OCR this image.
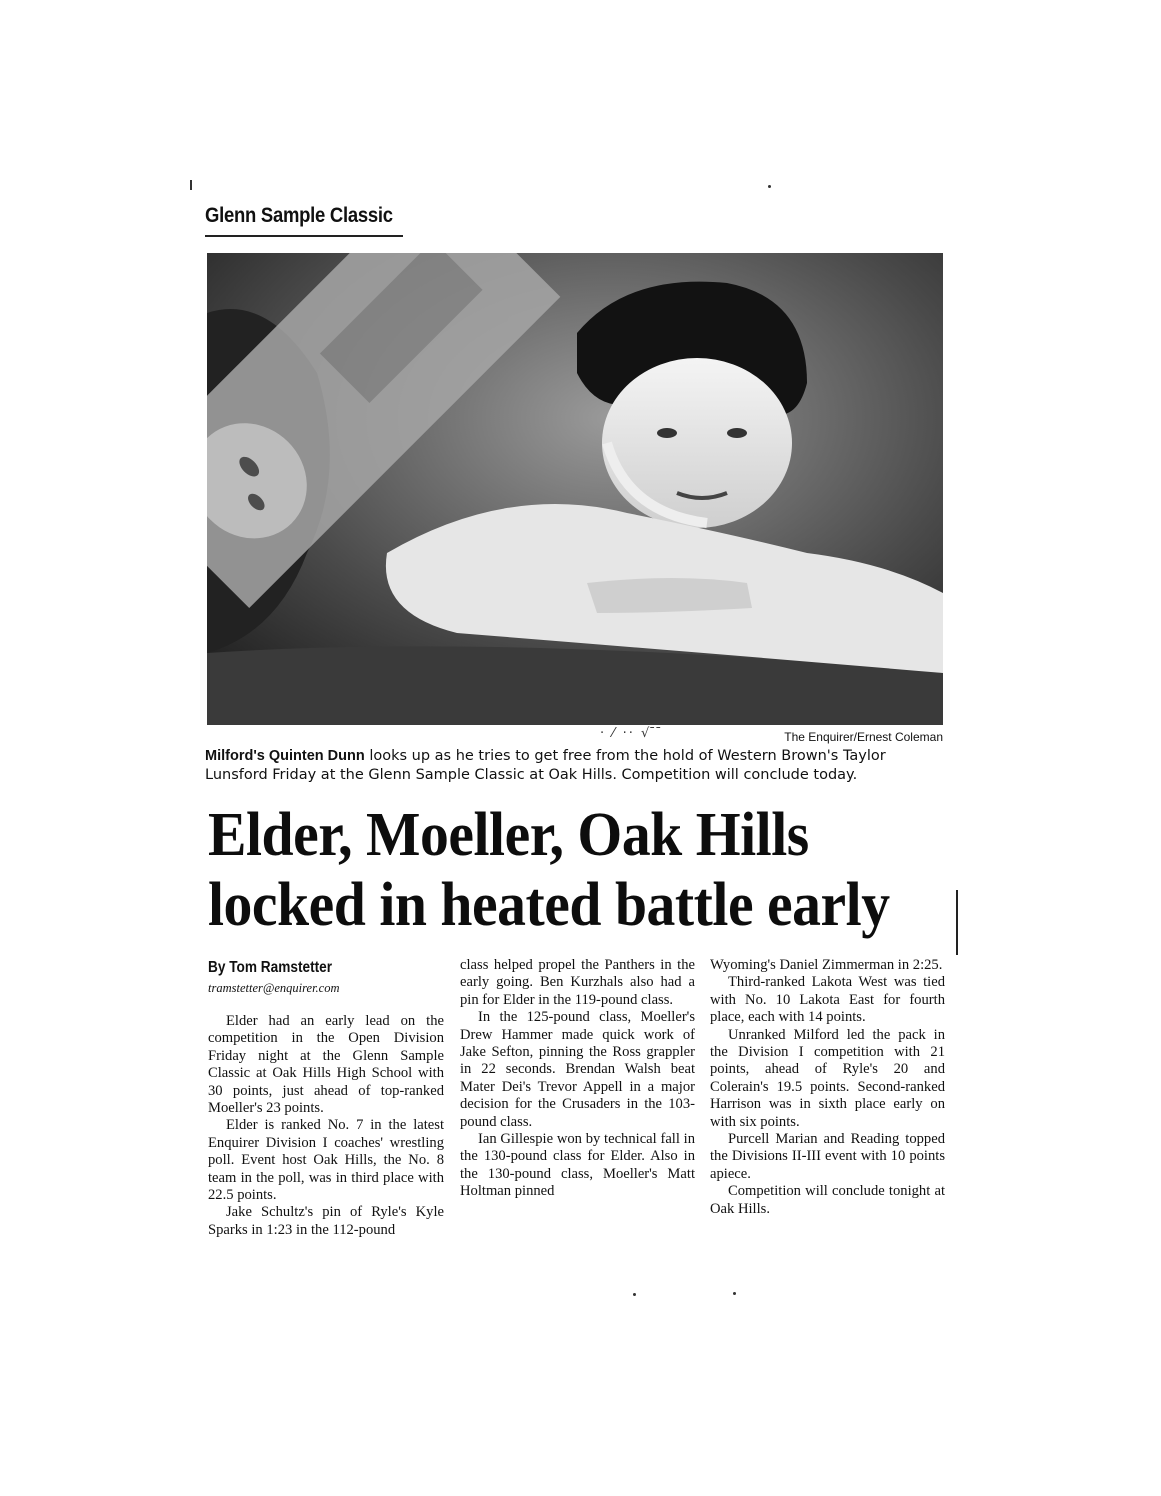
Glenn Sample Classic
· ⁄ ·· √ ̄ ̄	The Enquirer/Ernest Coleman
Milford's Quinten Dunn looks up as he tries to get free from the hold of Western Brown's Taylor Lunsford Friday at the Glenn Sample Classic at Oak Hills. Competition will conclude today.
Elder, Moeller, Oak Hills
locked in heated battle early
By Tom Ramstetter
tramstetter@enquirer.com

Elder had an early lead on the competition in the Open Division Friday night at the Glenn Sample Classic at Oak Hills High School with 30 points, just ahead of top-ranked Moeller's 23 points.

Elder is ranked No. 7 in the latest Enquirer Division I coaches' wrestling poll. Event host Oak Hills, the No. 8 team in the poll, was in third place with 22.5 points.

Jake Schultz's pin of Ryle's Kyle Sparks in 1:23 in the 112-pound

class helped propel the Panthers in the early going. Ben Kurzhals also had a pin for Elder in the 119-pound class.

In the 125-pound class, Moeller's Drew Hammer made quick work of Jake Sefton, pinning the Ross grappler in 22 seconds. Brendan Walsh beat Mater Dei's Trevor Appell in a major decision for the Crusaders in the 103-pound class.

Ian Gillespie won by technical fall in the 130-pound class for Elder. Also in the 130-pound class, Moeller's Matt Holtman pinned

Wyoming's Daniel Zimmerman in 2:25.

Third-ranked Lakota West was tied with No. 10 Lakota East for fourth place, each with 14 points.

Unranked Milford led the pack in the Division I competition with 21 points, ahead of Ryle's 20 and Colerain's 19.5 points. Second-ranked Harrison was in sixth place early on with six points.

Purcell Marian and Reading topped the Divisions II-III event with 10 points apiece.

Competition will conclude tonight at Oak Hills.
